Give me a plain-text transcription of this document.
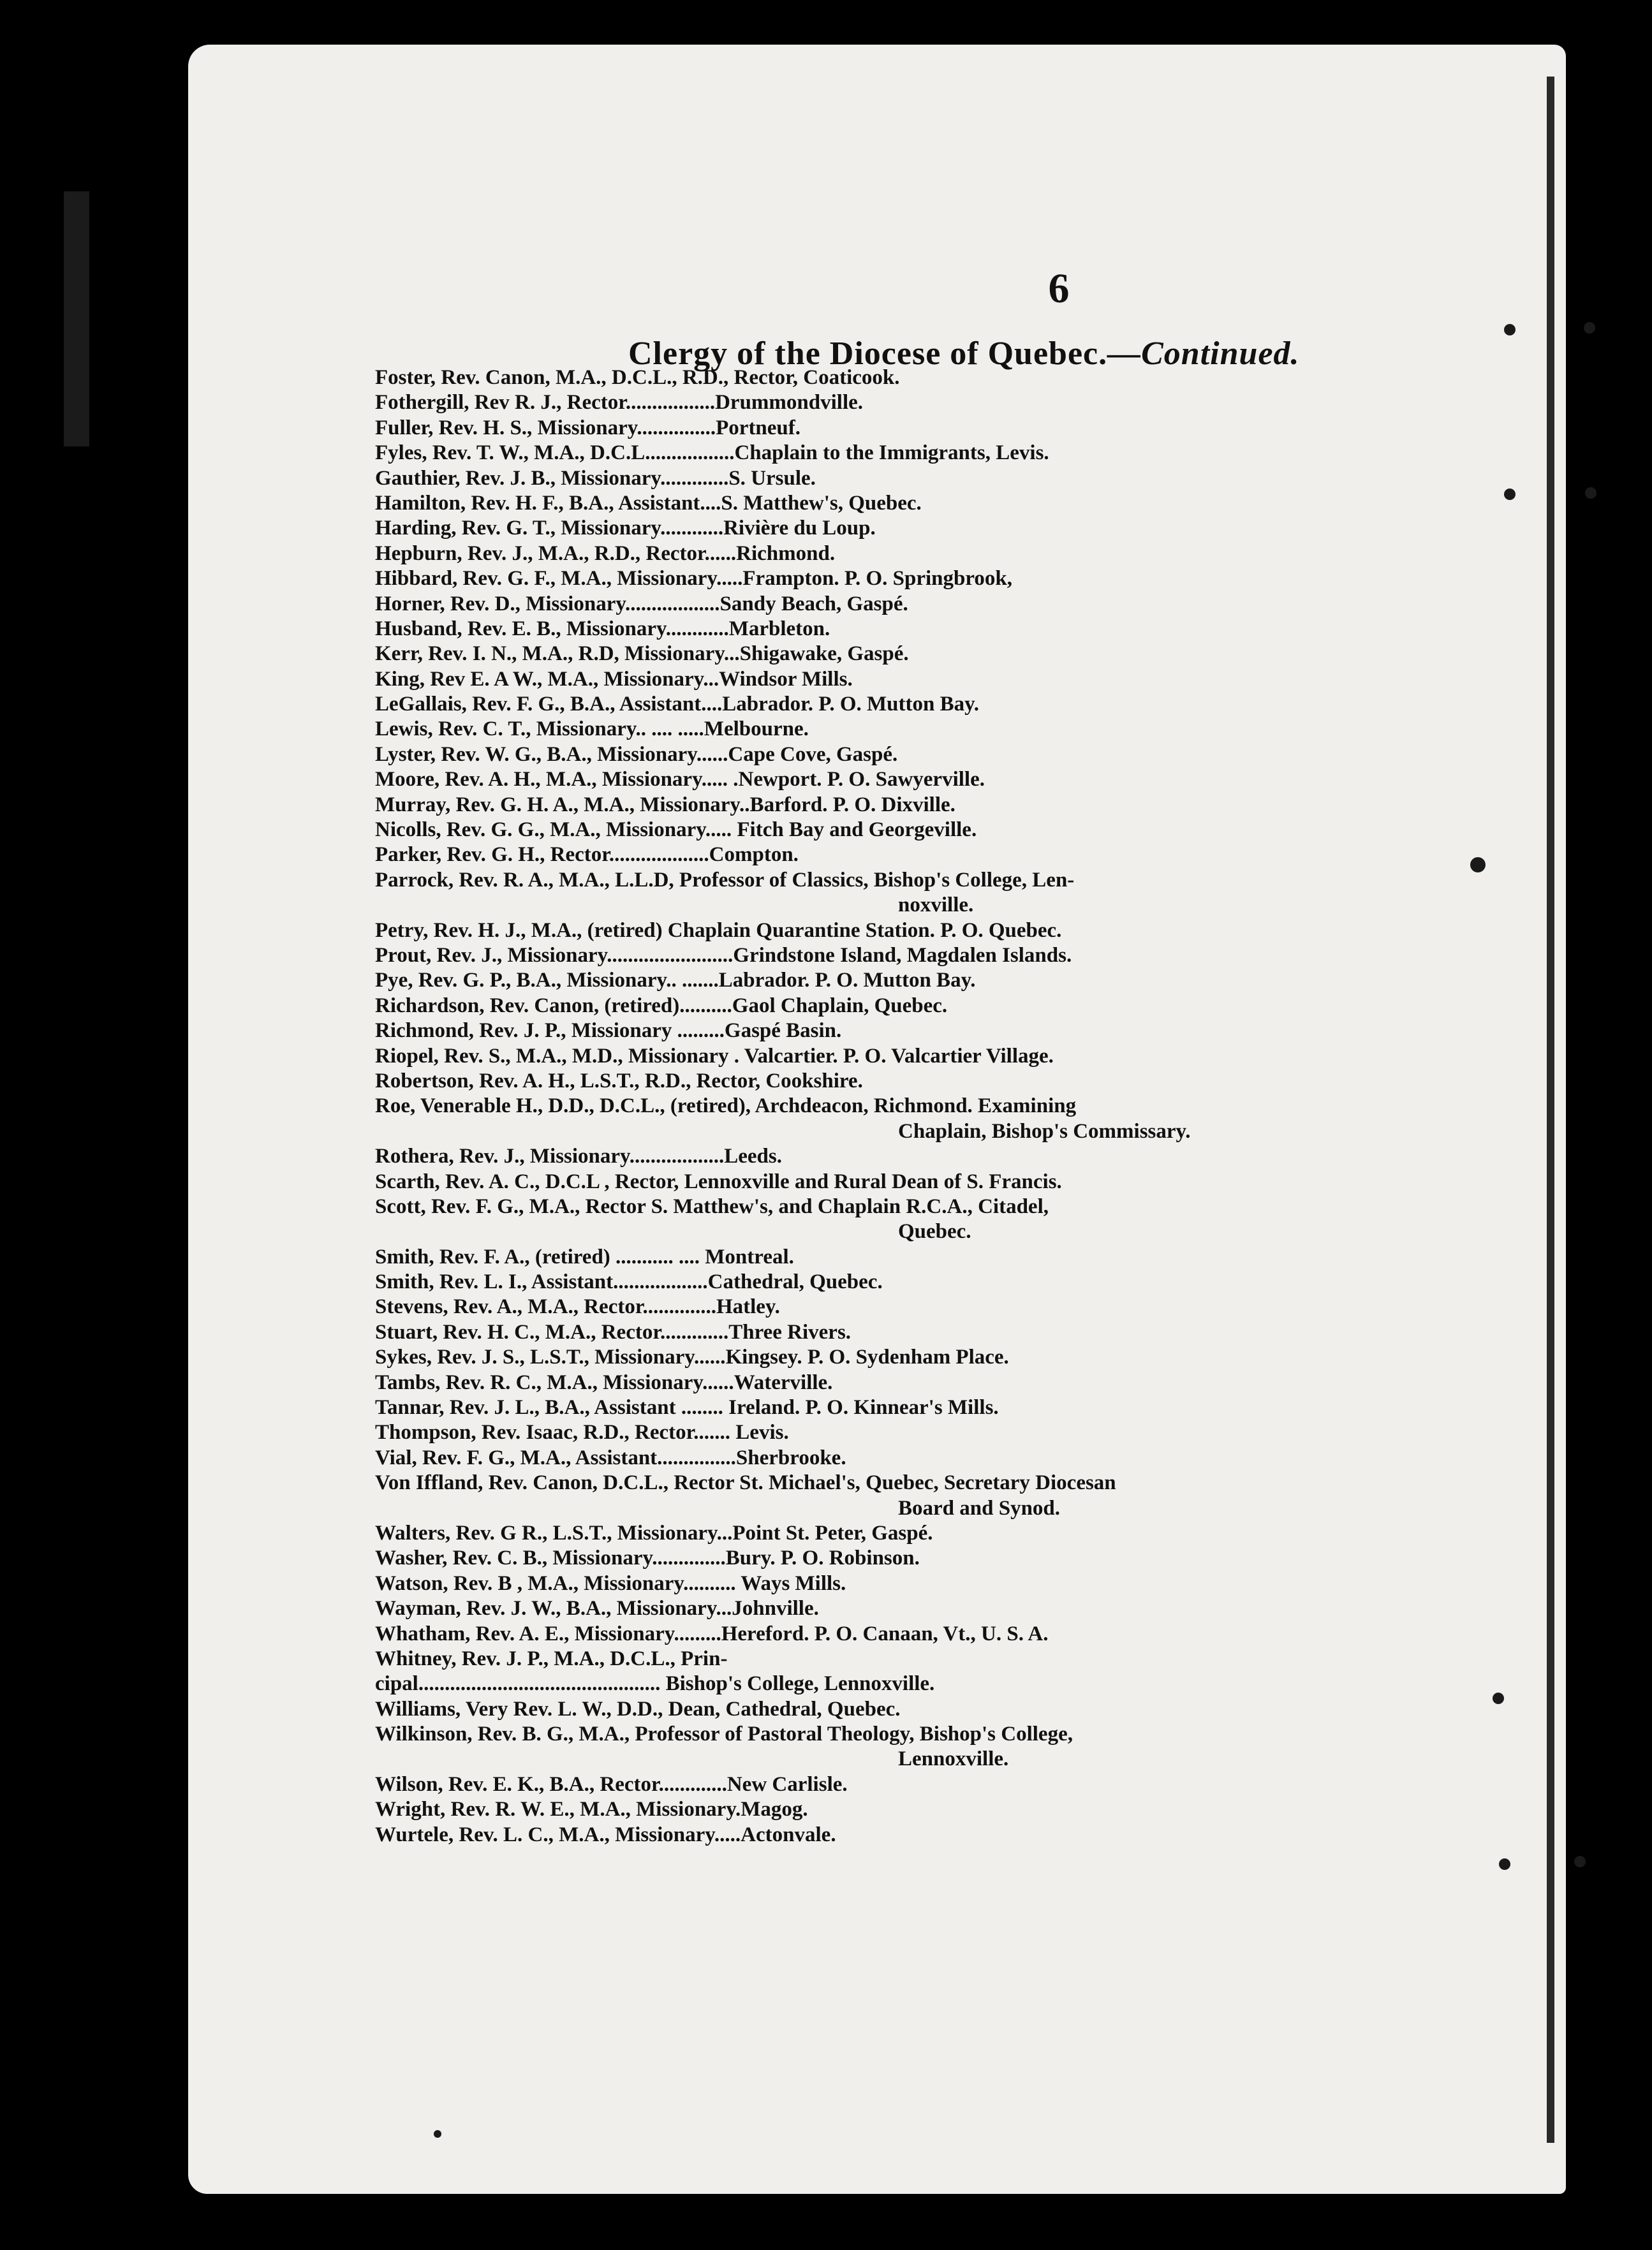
6
Clergy of the Diocese of Quebec.—Continued.
Foster, Rev. Canon, M.A., D.C.L., R.D., Rector, Coaticook.
Fothergill, Rev R. J., Rector.................Drummondville.
Fuller, Rev. H. S., Missionary...............Portneuf.
Fyles, Rev. T. W., M.A., D.C.L.................Chaplain to the Immigrants, Levis.
Gauthier, Rev. J. B., Missionary.............S. Ursule.
Hamilton, Rev. H. F., B.A., Assistant....S. Matthew's, Quebec.
Harding, Rev. G. T., Missionary............Rivière du Loup.
Hepburn, Rev. J., M.A., R.D., Rector......Richmond.
Hibbard, Rev. G. F., M.A., Missionary.....Frampton. P. O. Springbrook,
Horner, Rev. D., Missionary..................Sandy Beach, Gaspé.
Husband, Rev. E. B., Missionary............Marbleton.
Kerr, Rev. I. N., M.A., R.D, Missionary...Shigawake, Gaspé.
King, Rev E. A W., M.A., Missionary...Windsor Mills.
LeGallais, Rev. F. G., B.A., Assistant....Labrador. P. O. Mutton Bay.
Lewis, Rev. C. T., Missionary.. .... .....Melbourne.
Lyster, Rev. W. G., B.A., Missionary......Cape Cove, Gaspé.
Moore, Rev. A. H., M.A., Missionary..... .Newport. P. O. Sawyerville.
Murray, Rev. G. H. A., M.A., Missionary..Barford. P. O. Dixville.
Nicolls, Rev. G. G., M.A., Missionary..... Fitch Bay and Georgeville.
Parker, Rev. G. H., Rector...................Compton.
Parrock, Rev. R. A., M.A., L.L.D, Professor of Classics, Bishop's College, Len-
noxville.
Petry, Rev. H. J., M.A., (retired) Chaplain Quarantine Station. P. O. Quebec.
Prout, Rev. J., Missionary........................Grindstone Island, Magdalen Islands.
Pye, Rev. G. P., B.A., Missionary.. .......Labrador. P. O. Mutton Bay.
Richardson, Rev. Canon, (retired)..........Gaol Chaplain, Quebec.
Richmond, Rev. J. P., Missionary .........Gaspé Basin.
Riopel, Rev. S., M.A., M.D., Missionary . Valcartier. P. O. Valcartier Village.
Robertson, Rev. A. H., L.S.T., R.D., Rector, Cookshire.
Roe, Venerable H., D.D., D.C.L., (retired), Archdeacon, Richmond. Examining
Chaplain, Bishop's Commissary.
Rothera, Rev. J., Missionary..................Leeds.
Scarth, Rev. A. C., D.C.L , Rector, Lennoxville and Rural Dean of S. Francis.
Scott, Rev. F. G., M.A., Rector S. Matthew's, and Chaplain R.C.A., Citadel,
Quebec.
Smith, Rev. F. A., (retired) ........... .... Montreal.
Smith, Rev. L. I., Assistant..................Cathedral, Quebec.
Stevens, Rev. A., M.A., Rector..............Hatley.
Stuart, Rev. H. C., M.A., Rector.............Three Rivers.
Sykes, Rev. J. S., L.S.T., Missionary......Kingsey. P. O. Sydenham Place.
Tambs, Rev. R. C., M.A., Missionary......Waterville.
Tannar, Rev. J. L., B.A., Assistant ........ Ireland. P. O. Kinnear's Mills.
Thompson, Rev. Isaac, R.D., Rector....... Levis.
Vial, Rev. F. G., M.A., Assistant...............Sherbrooke.
Von Iffland, Rev. Canon, D.C.L., Rector St. Michael's, Quebec, Secretary Diocesan
Board and Synod.
Walters, Rev. G R., L.S.T., Missionary...Point St. Peter, Gaspé.
Washer, Rev. C. B., Missionary..............Bury. P. O. Robinson.
Watson, Rev. B , M.A., Missionary.......... Ways Mills.
Wayman, Rev. J. W., B.A., Missionary...Johnville.
Whatham, Rev. A. E., Missionary.........Hereford. P. O. Canaan, Vt., U. S. A.
Whitney, Rev. J. P., M.A., D.C.L., Prin-
cipal.............................................. Bishop's College, Lennoxville.
Williams, Very Rev. L. W., D.D., Dean, Cathedral, Quebec.
Wilkinson, Rev. B. G., M.A., Professor of Pastoral Theology, Bishop's College,
Lennoxville.
Wilson, Rev. E. K., B.A., Rector.............New Carlisle.
Wright, Rev. R. W. E., M.A., Missionary.Magog.
Wurtele, Rev. L. C., M.A., Missionary.....Actonvale.
